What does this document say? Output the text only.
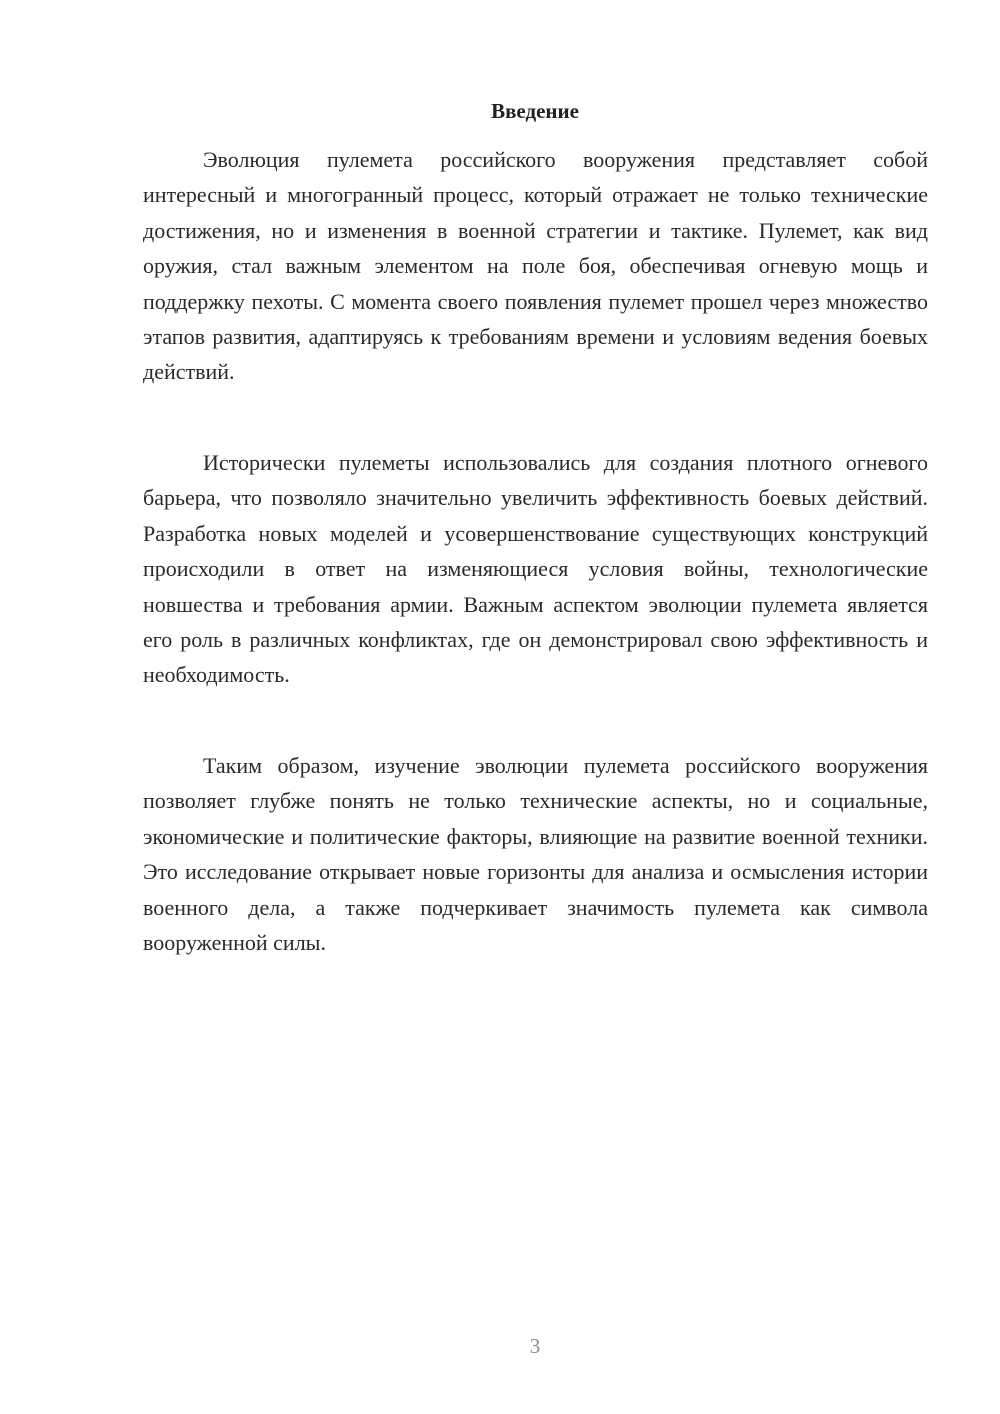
Введение

Эволюция пулемета российского вооружения представляет собой интересный и многогранный процесс, который отражает не только технические достижения, но и изменения в военной стратегии и тактике. Пулемет, как вид оружия, стал важным элементом на поле боя, обеспечивая огневую мощь и поддержку пехоты. С момента своего появления пулемет прошел через множество этапов развития, адаптируясь к требованиям времени и условиям ведения боевых действий.

Исторически пулеметы использовались для создания плотного огневого барьера, что позволяло значительно увеличить эффективность боевых действий. Разработка новых моделей и усовершенствование существующих конструкций происходили в ответ на изменяющиеся условия войны, технологические новшества и требования армии. Важным аспектом эволюции пулемета является его роль в различных конфликтах, где он демонстрировал свою эффективность и необходимость.

Таким образом, изучение эволюции пулемета российского вооружения позволяет глубже понять не только технические аспекты, но и социальные, экономические и политические факторы, влияющие на развитие военной техники. Это исследование открывает новые горизонты для анализа и осмысления истории военного дела, а также подчеркивает значимость пулемета как символа вооруженной силы.

3
